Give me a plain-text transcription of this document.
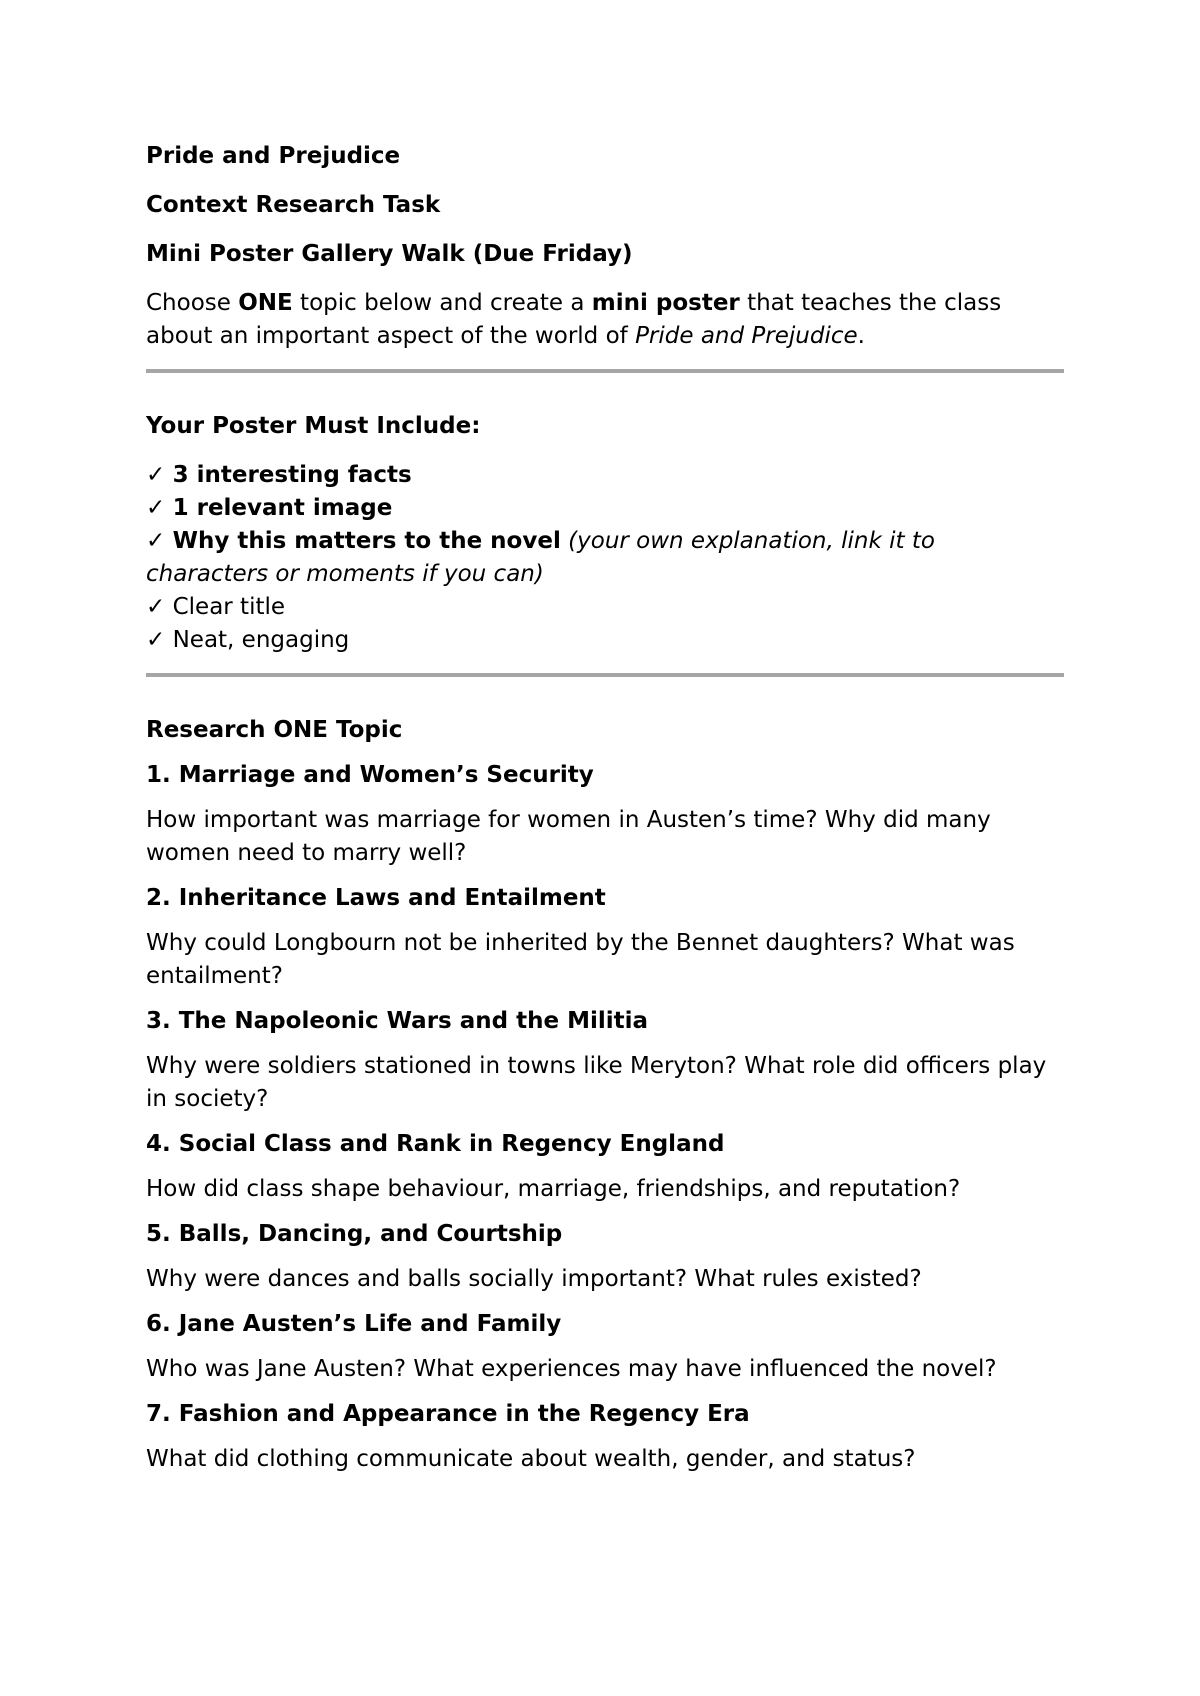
Pride and Prejudice

Context Research Task

Mini Poster Gallery Walk (Due Friday)

Choose ONE topic below and create a mini poster that teaches the class about an important aspect of the world of Pride and Prejudice.

Your Poster Must Include:

✓ 3 interesting facts

✓ 1 relevant image

✓ Why this matters to the novel (your own explanation, link it to characters or moments if you can)

✓ Clear title

✓ Neat, engaging

Research ONE Topic

1. Marriage and Women’s Security

How important was marriage for women in Austen’s time? Why did many women need to marry well?

2. Inheritance Laws and Entailment

Why could Longbourn not be inherited by the Bennet daughters? What was entailment?

3. The Napoleonic Wars and the Militia

Why were soldiers stationed in towns like Meryton? What role did officers play in society?

4. Social Class and Rank in Regency England

How did class shape behaviour, marriage, friendships, and reputation?

5. Balls, Dancing, and Courtship

Why were dances and balls socially important? What rules existed?

6. Jane Austen’s Life and Family

Who was Jane Austen? What experiences may have influenced the novel?

7. Fashion and Appearance in the Regency Era

What did clothing communicate about wealth, gender, and status?
